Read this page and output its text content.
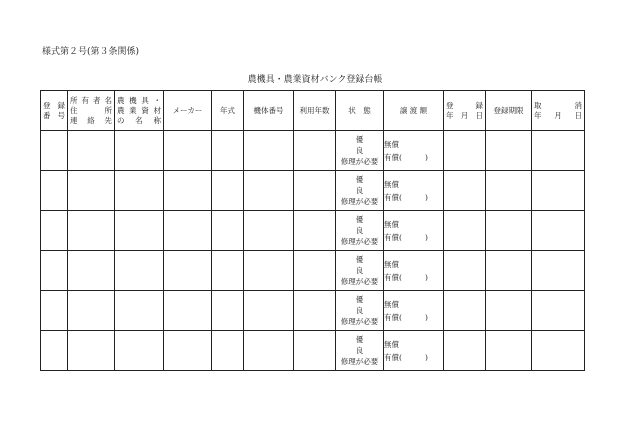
様式第２号(第３条関係)
農機具・農業資材バンク登録台帳
登録
番号	所有者名
住　　所
連 絡 先	農機具・
農業資材
の 名 称	メーカー	年式	機体番号	利用年数	状　態	譲 渡 額	登　　録
年 月 日	登録期限	取　　消
年 月 日

							優
良
修理が必要	無償
有償( )			

							優
良
修理が必要	無償
有償( )			

							優
良
修理が必要	無償
有償( )			

							優
良
修理が必要	無償
有償( )			

							優
良
修理が必要	無償
有償( )			

							優
良
修理が必要	無償
有償( )			
